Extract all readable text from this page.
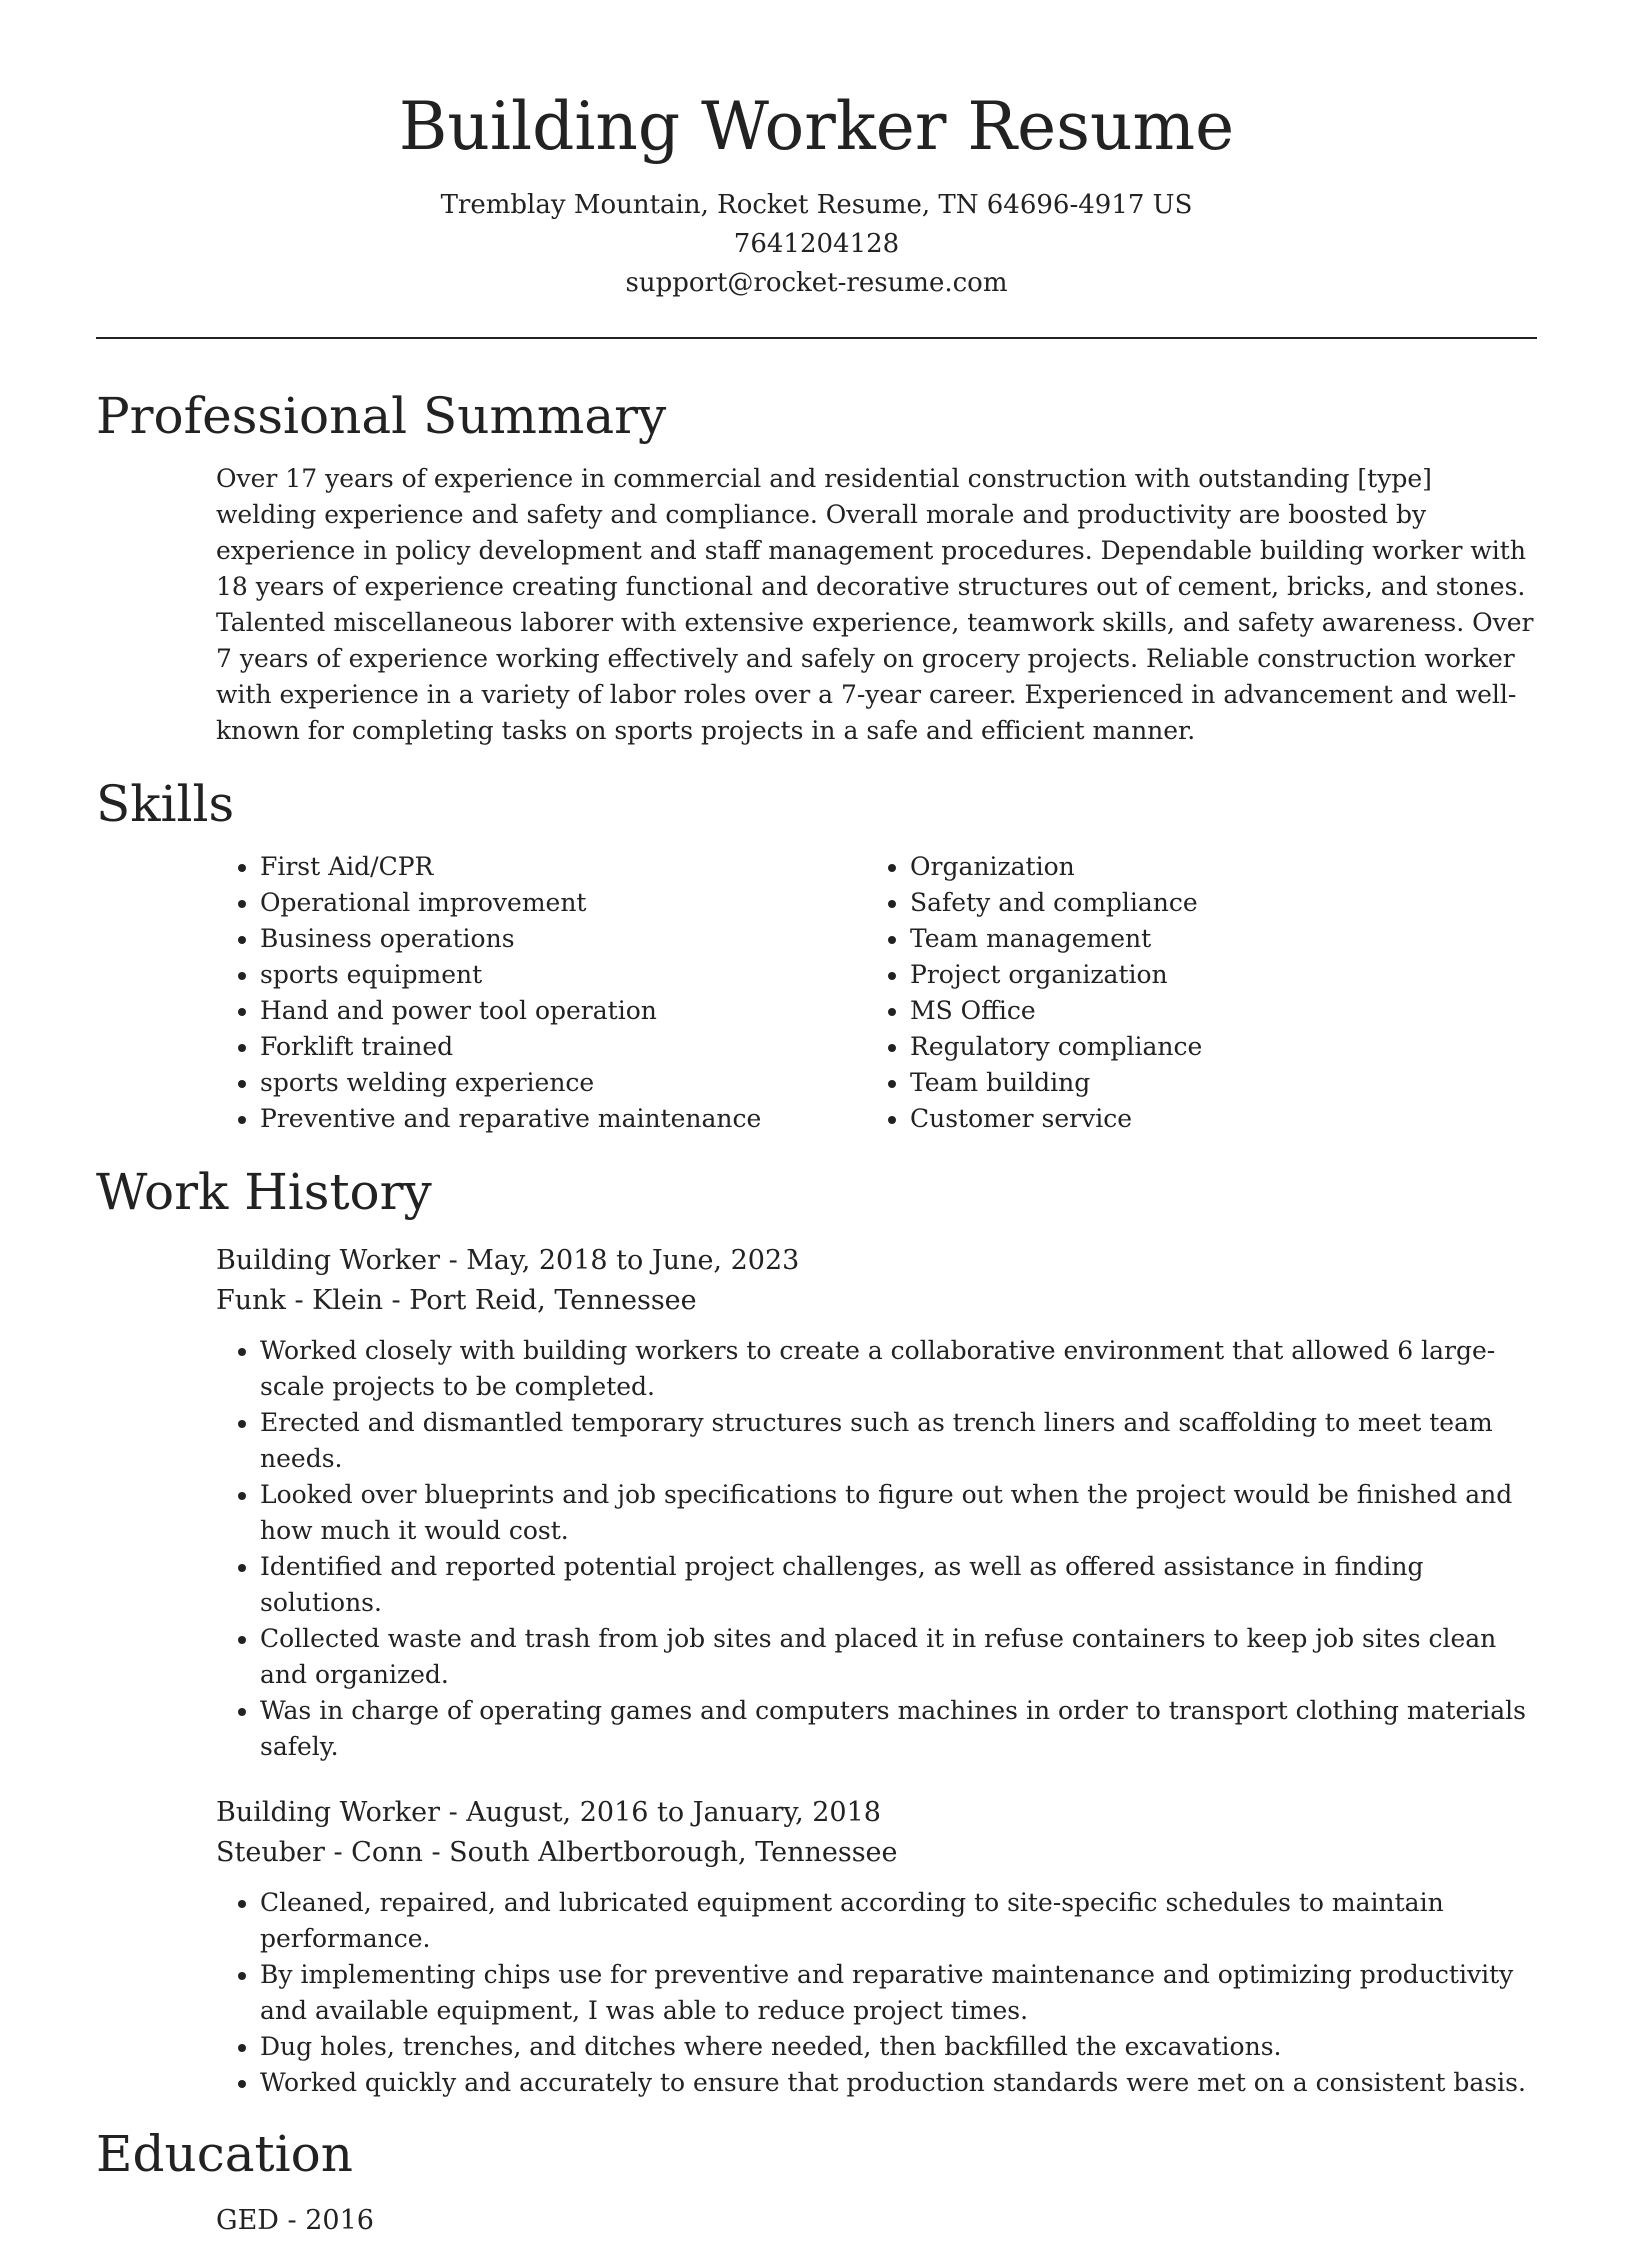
Building Worker Resume
Tremblay Mountain, Rocket Resume, TN 64696-4917 US
7641204128
support@rocket-resume.com
Professional Summary

Over 17 years of experience in commercial and residential construction with outstanding [type] welding experience and safety and compliance. Overall morale and productivity are boosted by experience in policy development and staff management procedures. Dependable building worker with 18 years of experience creating functional and decorative structures out of cement, bricks, and stones. Talented miscellaneous laborer with extensive experience, teamwork skills, and safety awareness. Over 7 years of experience working effectively and safely on grocery projects. Reliable construction worker with experience in a variety of labor roles over a 7-year career. Experienced in advancement and well-known for completing tasks on sports projects in a safe and efficient manner.

Skills
• First Aid/CPR
• Operational improvement
• Business operations
• sports equipment
• Hand and power tool operation
• Forklift trained
• sports welding experience
• Preventive and reparative maintenance
• Organization
• Safety and compliance
• Team management
• Project organization
• MS Office
• Regulatory compliance
• Team building
• Customer service
Work History
Building Worker - May, 2018 to June, 2023
Funk - Klein - Port Reid, Tennessee
• Worked closely with building workers to create a collaborative environment that allowed 6 large-scale projects to be completed.
• Erected and dismantled temporary structures such as trench liners and scaffolding to meet team needs.
• Looked over blueprints and job specifications to figure out when the project would be finished and how much it would cost.
• Identified and reported potential project challenges, as well as offered assistance in finding solutions.
• Collected waste and trash from job sites and placed it in refuse containers to keep job sites clean and organized.
• Was in charge of operating games and computers machines in order to transport clothing materials safely.
Building Worker - August, 2016 to January, 2018
Steuber - Conn - South Albertborough, Tennessee
• Cleaned, repaired, and lubricated equipment according to site-specific schedules to maintain performance.
• By implementing chips use for preventive and reparative maintenance and optimizing productivity and available equipment, I was able to reduce project times.
• Dug holes, trenches, and ditches where needed, then backfilled the excavations.
• Worked quickly and accurately to ensure that production standards were met on a consistent basis.
Education
GED - 2016
